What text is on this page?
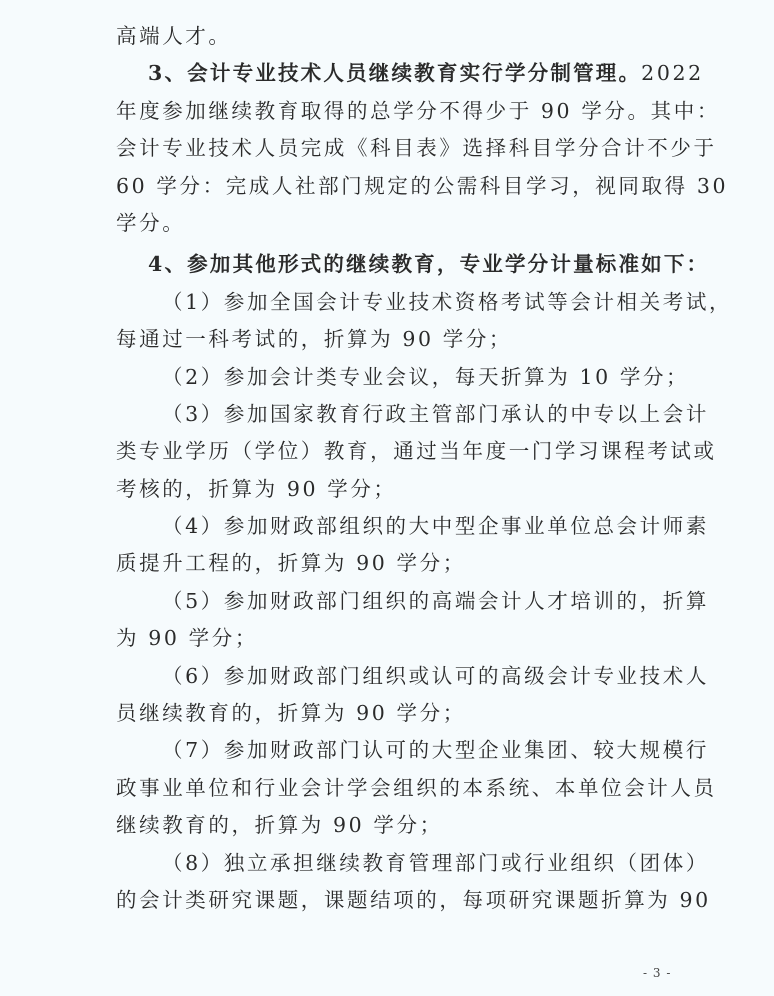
高端人才。
3、会计专业技术人员继续教育实行学分制管理。2022
年度参加继续教育取得的总学分不得少于 90 学分。其中：
会计专业技术人员完成《科目表》选择科目学分合计不少于
60 学分：完成人社部门规定的公需科目学习，视同取得 30
学分。
4、参加其他形式的继续教育，专业学分计量标准如下：
（1）参加全国会计专业技术资格考试等会计相关考试，
每通过一科考试的，折算为 90 学分；
（2）参加会计类专业会议，每天折算为 10 学分；
（3）参加国家教育行政主管部门承认的中专以上会计
类专业学历（学位）教育，通过当年度一门学习课程考试或
考核的，折算为 90 学分；
（4）参加财政部组织的大中型企事业单位总会计师素
质提升工程的，折算为 90 学分；
（5）参加财政部门组织的高端会计人才培训的，折算
为 90 学分；
（6）参加财政部门组织或认可的高级会计专业技术人
员继续教育的，折算为 90 学分；
（7）参加财政部门认可的大型企业集团、较大规模行
政事业单位和行业会计学会组织的本系统、本单位会计人员
继续教育的，折算为 90 学分；
（8）独立承担继续教育管理部门或行业组织（团体）
的会计类研究课题，课题结项的，每项研究课题折算为 90
- 3 -
